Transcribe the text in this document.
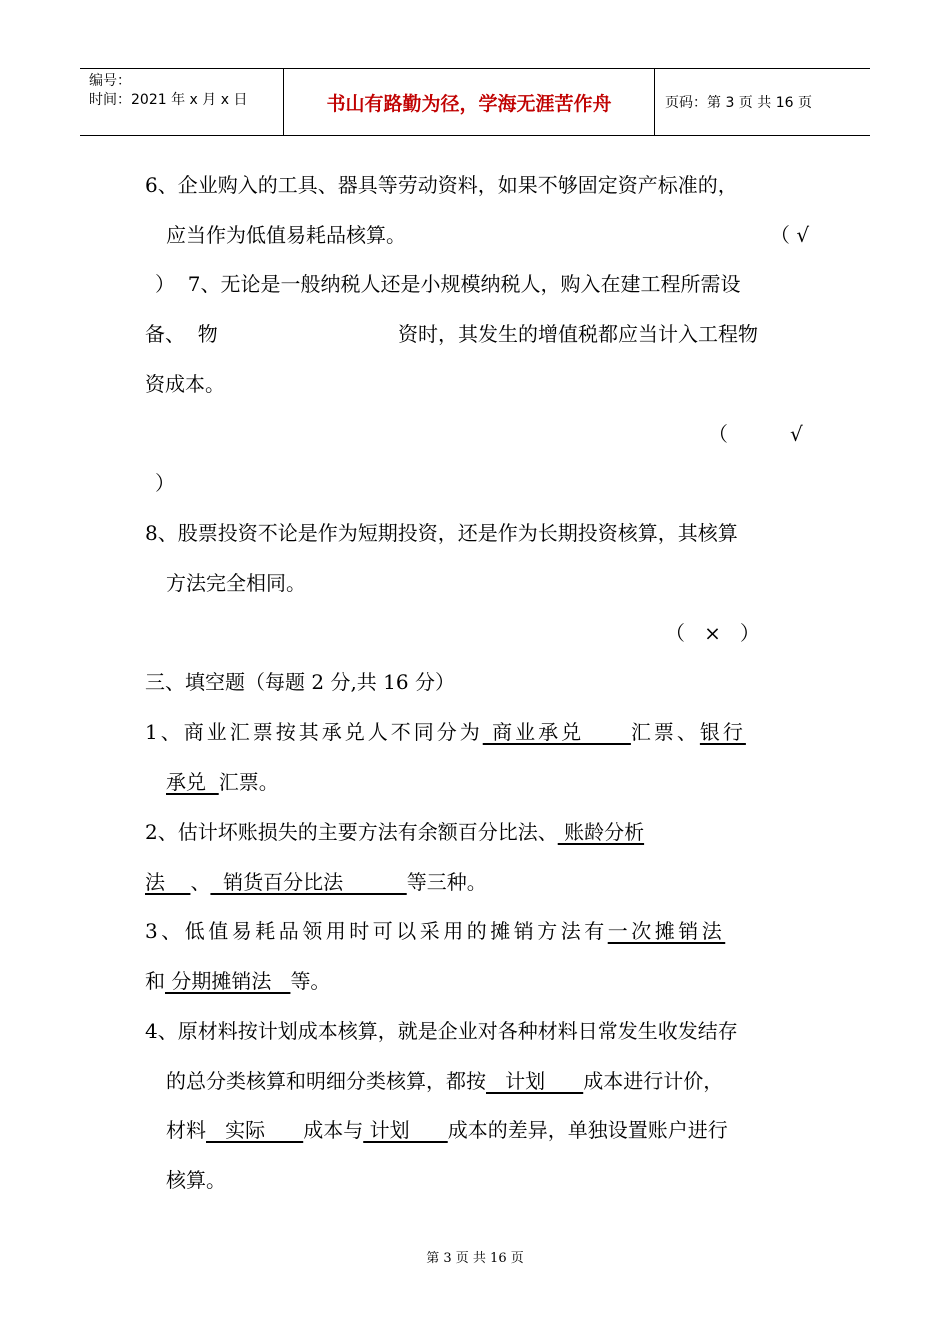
编号：
时间：2021 年 x 月 x 日	书山有路勤为径，学海无涯苦作舟	页码：第 3 页 共 16 页
6、企业购入的工具、器具等劳动资料，如果不够固定资产标准的，
应当作为低值易耗品核算。	（ √
）  7、无论是一般纳税人还是小规模纳税人，购入在建工程所需设
备、  物	资时，其发生的增值税都应当计入工程物
资成本。
（	√
）
8、股票投资不论是作为短期投资，还是作为长期投资核算，其核算
方法完全相同。
（   ×   ）
三、填空题（每题 2 分,共 16 分）
1、商业汇票按其承兑人不同分为 商业承兑     汇票、银行
承兑  汇票。
2、估计坏账损失的主要方法有余额百分比法、 账龄分析
法    、  销货百分比法          等三种。
3、低值易耗品领用时可以采用的摊销方法有一次摊销法
和 分期摊销法   等。
4、原材料按计划成本核算，就是企业对各种材料日常发生收发结存
的总分类核算和明细分类核算，都按   计划      成本进行计价，
材料   实际      成本与 计划      成本的差异，单独设置账户进行
核算。
第 3 页 共 16 页
